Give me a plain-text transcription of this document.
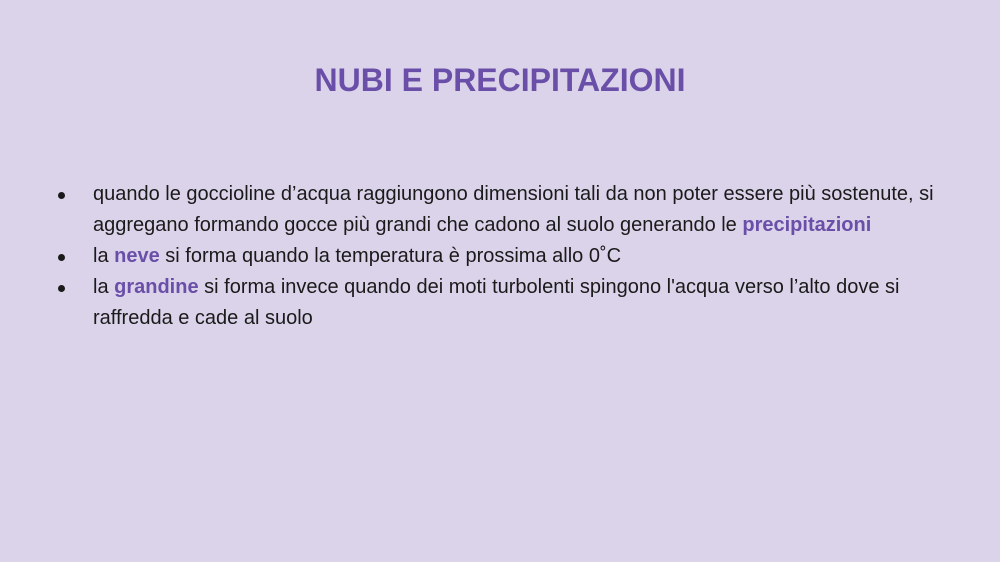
NUBI E PRECIPITAZIONI
quando le goccioline d’acqua raggiungono dimensioni tali da non poter essere più sostenute, si aggregano formando gocce più grandi che cadono al suolo generando le precipitazioni
la neve si forma quando la temperatura è prossima allo 0˚C
la grandine si forma invece quando dei moti turbolenti spingono l'acqua verso l’alto dove si raffredda e cade al suolo
